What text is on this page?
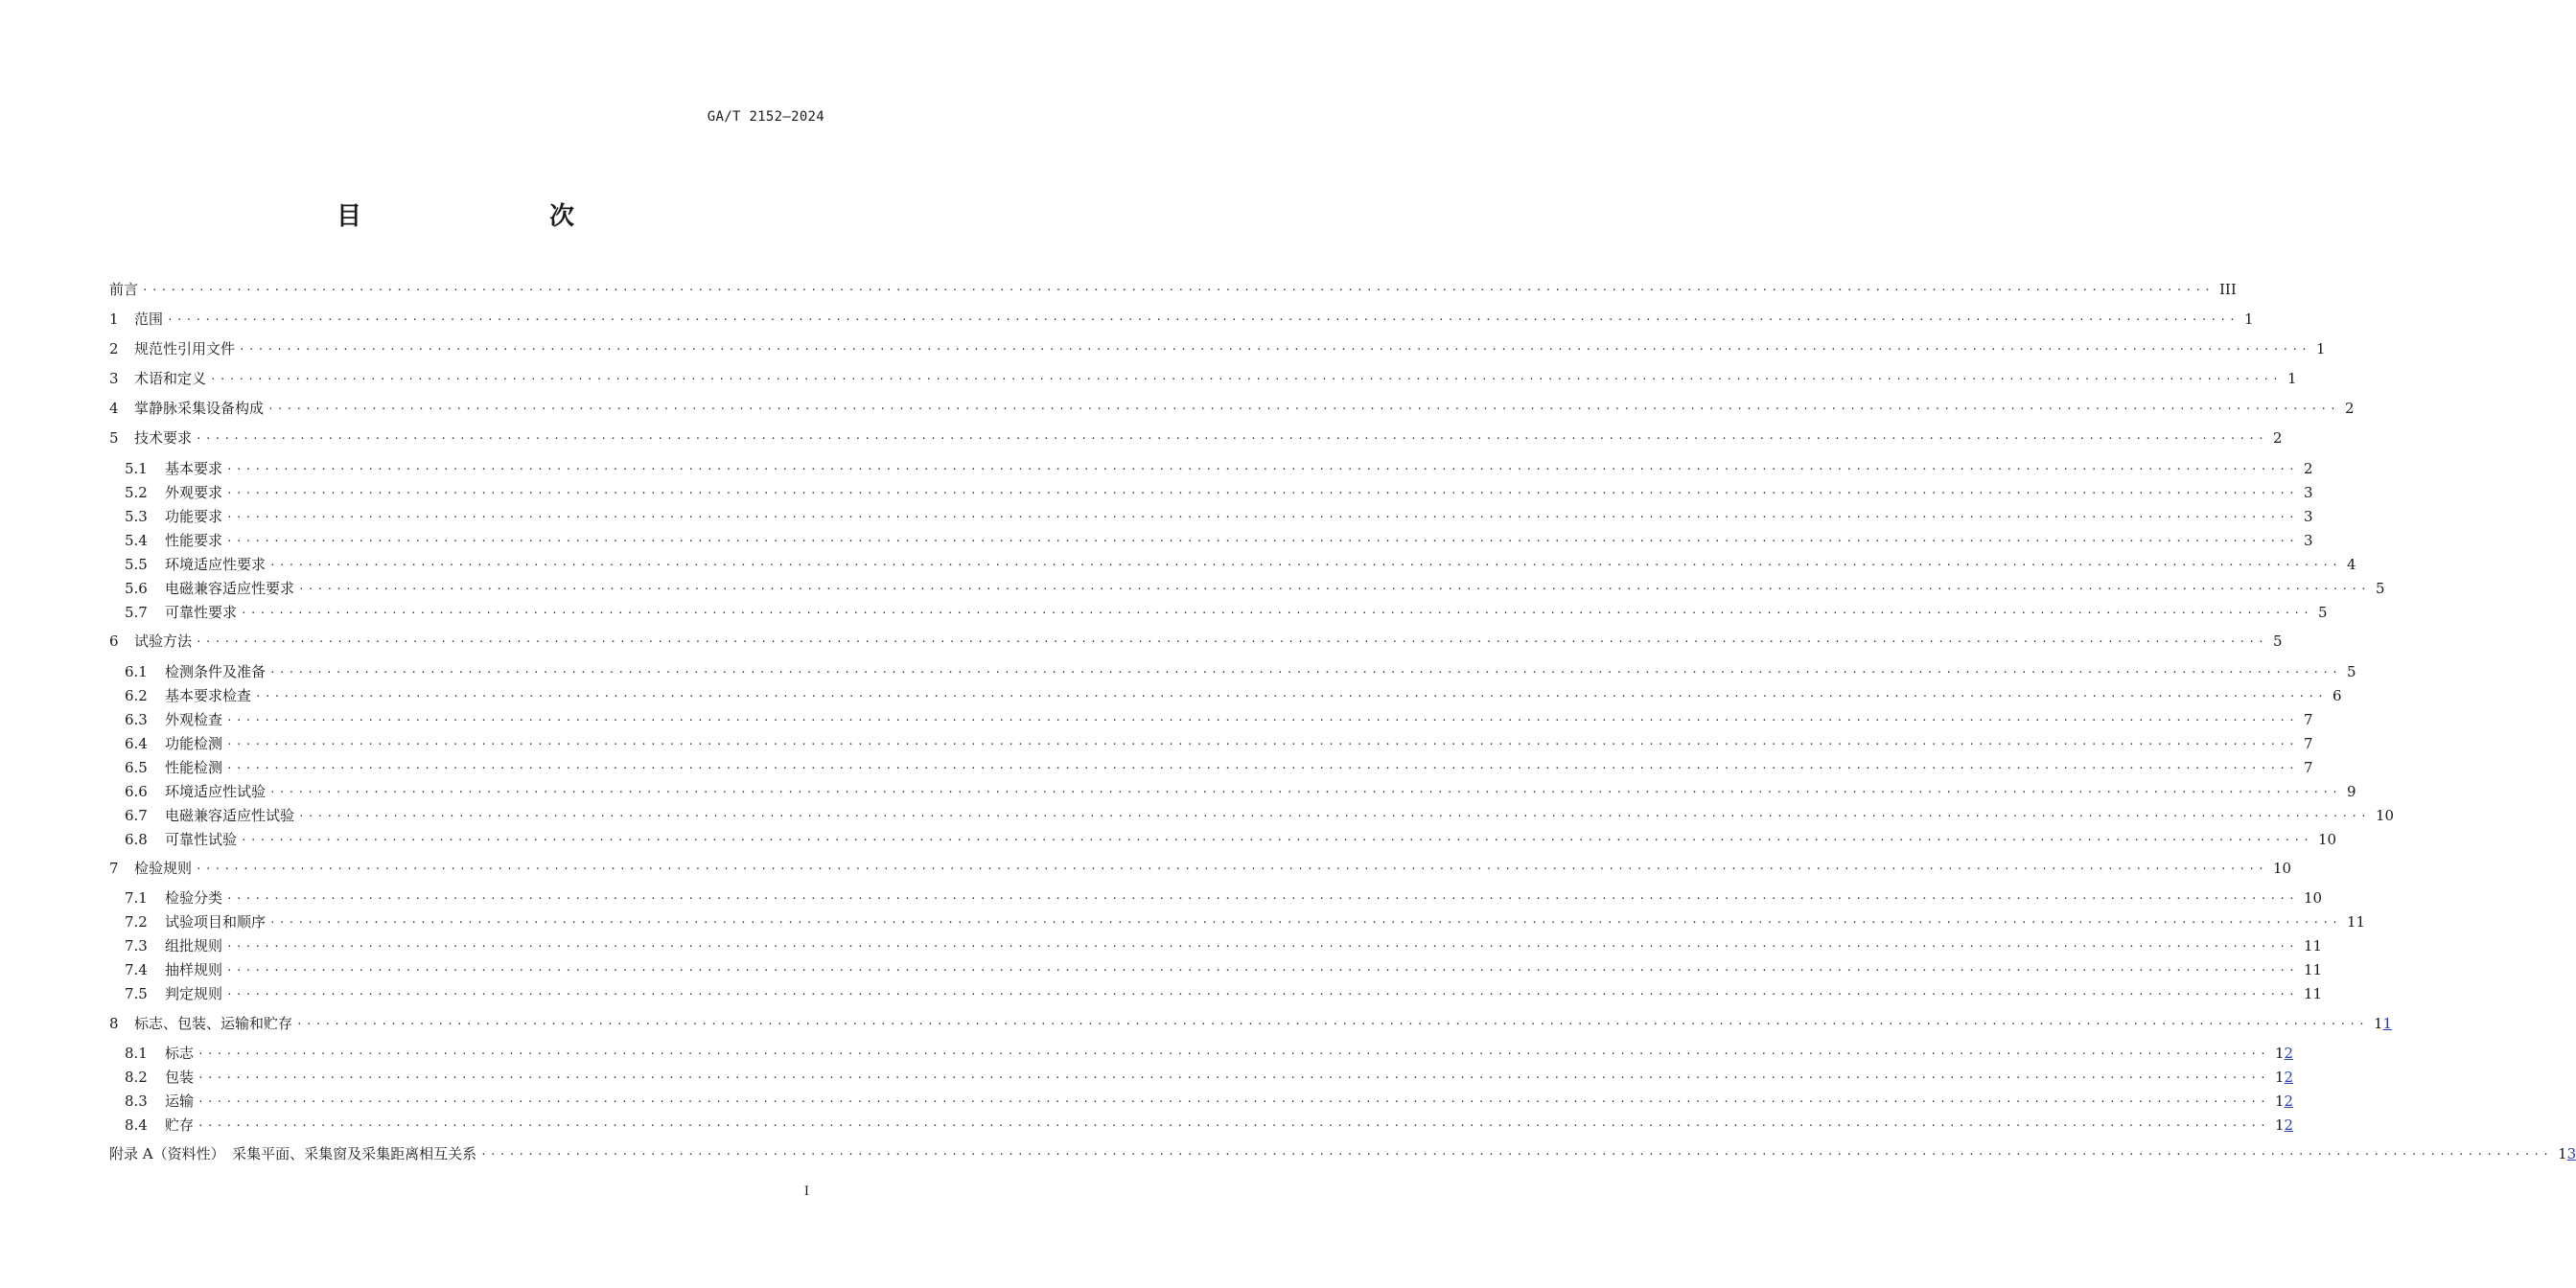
GA/T 2152—2024
目　　次
前言 ............................................................................................................................................................................................................................ III
1	范围 ............................................................................................................................................................................................................................ 1
2	规范性引用文件 ............................................................................................................................................................................................................................ 1
3	术语和定义 ............................................................................................................................................................................................................................ 1
4	掌静脉采集设备构成 ............................................................................................................................................................................................................................ 2
5	技术要求 ............................................................................................................................................................................................................................ 2
5.1	基本要求 ............................................................................................................................................................................................................................ 2
5.2	外观要求 ............................................................................................................................................................................................................................ 3
5.3	功能要求 ............................................................................................................................................................................................................................ 3
5.4	性能要求 ............................................................................................................................................................................................................................ 3
5.5	环境适应性要求 ............................................................................................................................................................................................................................ 4
5.6	电磁兼容适应性要求 ............................................................................................................................................................................................................................ 5
5.7	可靠性要求 ............................................................................................................................................................................................................................ 5
6	试验方法 ............................................................................................................................................................................................................................ 5
6.1	检测条件及准备 ............................................................................................................................................................................................................................ 5
6.2	基本要求检查 ............................................................................................................................................................................................................................ 6
6.3	外观检查 ............................................................................................................................................................................................................................ 7
6.4	功能检测 ............................................................................................................................................................................................................................ 7
6.5	性能检测 ............................................................................................................................................................................................................................ 7
6.6	环境适应性试验 ............................................................................................................................................................................................................................ 9
6.7	电磁兼容适应性试验 ............................................................................................................................................................................................................................ 10
6.8	可靠性试验 ............................................................................................................................................................................................................................ 10
7	检验规则 ............................................................................................................................................................................................................................ 10
7.1	检验分类 ............................................................................................................................................................................................................................ 10
7.2	试验项目和顺序 ............................................................................................................................................................................................................................ 11
7.3	组批规则 ............................................................................................................................................................................................................................ 11
7.4	抽样规则 ............................................................................................................................................................................................................................ 11
7.5	判定规则 ............................................................................................................................................................................................................................ 11
8	标志、包装、运输和贮存 ............................................................................................................................................................................................................................ 11
8.1	标志 ............................................................................................................................................................................................................................ 12
8.2	包装 ............................................................................................................................................................................................................................ 12
8.3	运输 ............................................................................................................................................................................................................................ 12
8.4	贮存 ............................................................................................................................................................................................................................ 12
附录 A（资料性）　采集平面、采集窗及采集距离相互关系 ............................................................................................................................................................................................................................ 13
I
